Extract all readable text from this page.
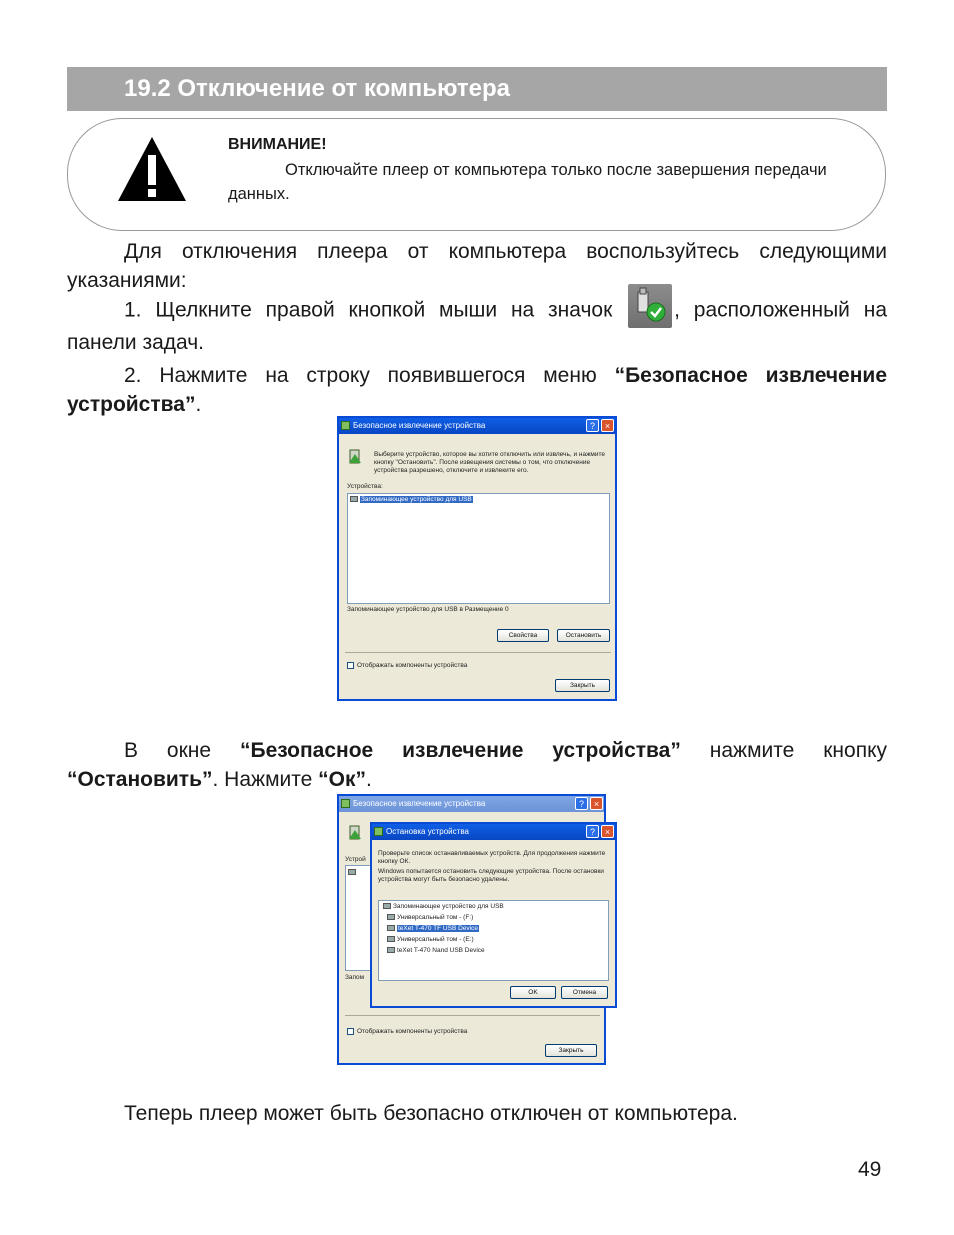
19.2 Отключение от компьютера
ВНИМАНИЕ!
Отключайте плеер от компьютера только после завершения передачи данных.

Для отключения плеера от компьютера воспользуйтесь следующими указаниями:

1. Щелкните правой кнопкой мыши на значок	, расположенный на панели задач.

2. Нажмите на строку появившегося меню “Безопасное извлечение устройства”.

Безопасное извлечение устройства	?	×
Выберите устройство, которое вы хотите отключить или извлечь, и нажмите кнопку "Остановить". После извещения системы о том, что отключение устройства разрешено, отключите и извлеките его.
Устройства:
Запоминающее устройство для USB
Запоминающее устройство для USB в Размещение 0
Свойства	Остановить
Отображать компоненты устройства
Закрыть

В окне “Безопасное извлечение устройства” нажмите кнопку “Остановить”. Нажмите “Ок”.

Безопасное извлечение устройства	?	×
Устрой
Запом
Отображать компоненты устройства
Закрыть
Остановка устройства	?	×
Проверьте список останавливаемых устройств. Для продолжения нажмите кнопку ОК.
Windows попытается остановить следующие устройства. После остановки устройства могут быть безопасно удалены.
Запоминающее устройство для USB
Универсальный том - (F:)
teXet T-470 TF USB Device
Универсальный том - (E:)
teXet T-470 Nand USB Device
OK	Отмена

Теперь плеер может быть безопасно отключен от компьютера.

49
